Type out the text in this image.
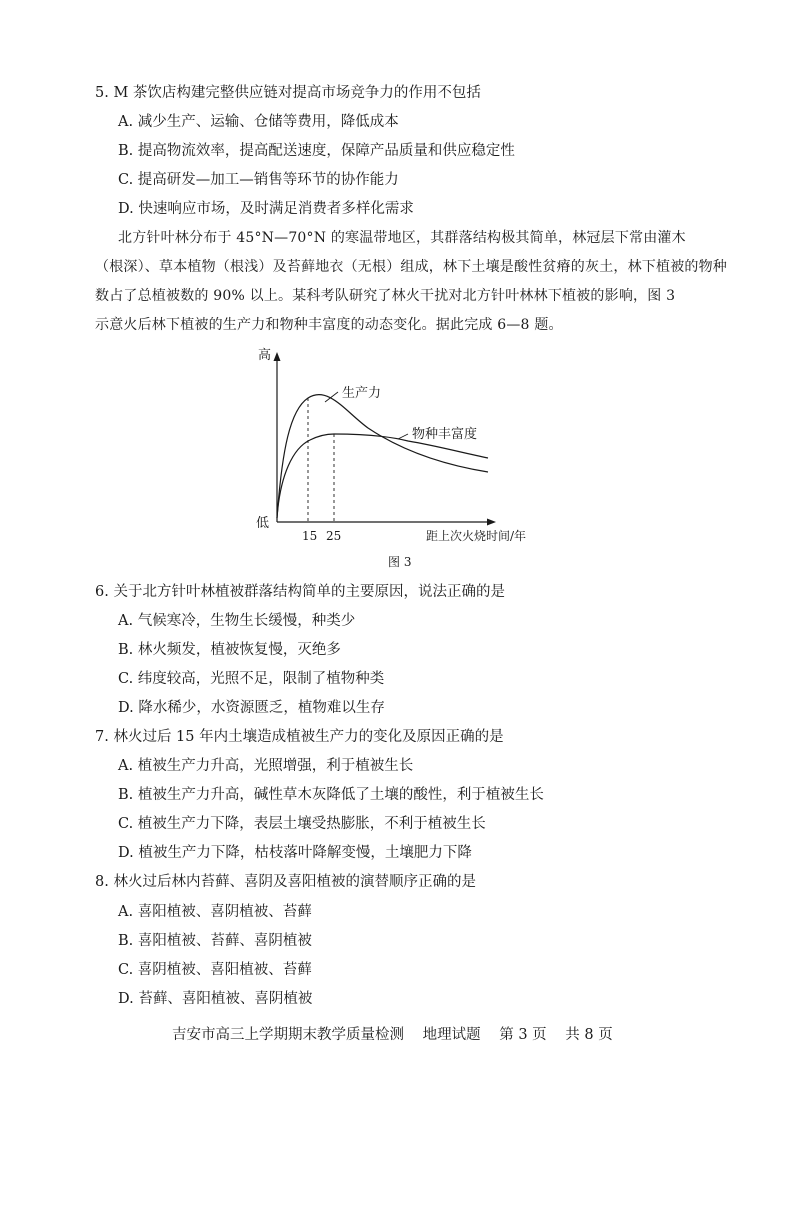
5. M 茶饮店构建完整供应链对提高市场竞争力的作用不包括
A. 减少生产、运输、仓储等费用，降低成本
B. 提高物流效率，提高配送速度，保障产品质量和供应稳定性
C. 提高研发—加工—销售等环节的协作能力
D. 快速响应市场，及时满足消费者多样化需求
北方针叶林分布于 45°N—70°N 的寒温带地区，其群落结构极其简单，林冠层下常由灌木
（根深）、草本植物（根浅）及苔藓地衣（无根）组成，林下土壤是酸性贫瘠的灰土，林下植被的物种
数占了总植被数的 90% 以上。某科考队研究了林火干扰对北方针叶林林下植被的影响，图 3
示意火后林下植被的生产力和物种丰富度的动态变化。据此完成 6—8 题。
高
低
生产力
物种丰富度
15 25	距上次火烧时间/年
图 3
6. 关于北方针叶林植被群落结构简单的主要原因，说法正确的是
A. 气候寒冷，生物生长缓慢，种类少
B. 林火频发，植被恢复慢，灭绝多
C. 纬度较高，光照不足，限制了植物种类
D. 降水稀少，水资源匮乏，植物难以生存
7. 林火过后 15 年内土壤造成植被生产力的变化及原因正确的是
A. 植被生产力升高，光照增强，利于植被生长
B. 植被生产力升高，碱性草木灰降低了土壤的酸性，利于植被生长
C. 植被生产力下降，表层土壤受热膨胀，不利于植被生长
D. 植被生产力下降，枯枝落叶降解变慢，土壤肥力下降
8. 林火过后林内苔藓、喜阴及喜阳植被的演替顺序正确的是
A. 喜阳植被、喜阴植被、苔藓
B. 喜阳植被、苔藓、喜阴植被
C. 喜阴植被、喜阳植被、苔藓
D. 苔藓、喜阳植被、喜阴植被
吉安市高三上学期期末教学质量检测 地理试题 第 3 页 共 8 页
